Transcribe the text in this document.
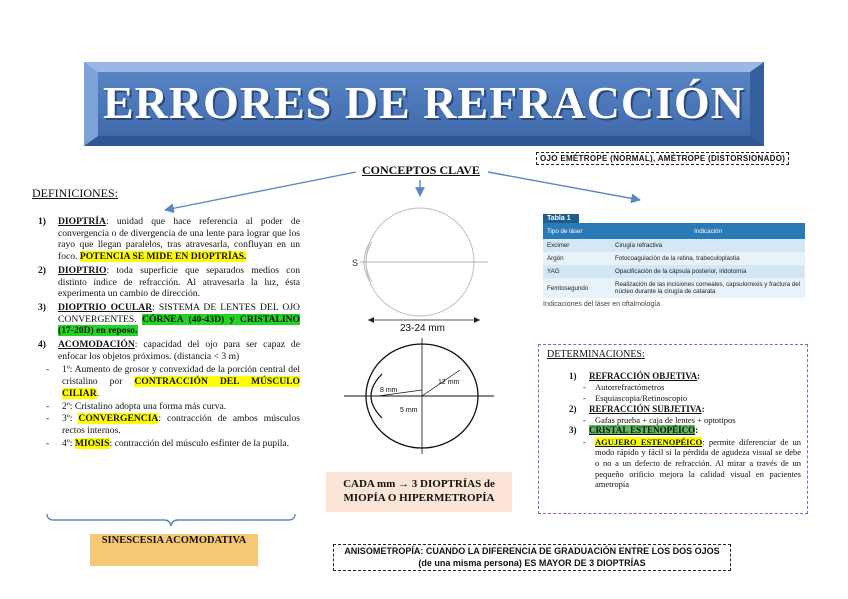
ERRORES DE REFRACCIÓN
CONCEPTOS CLAVE
OJO EMÉTROPE (NORMAL), AMÉTROPE (DISTORSIONADO)
DEFINICIONES:
1)	DIOPTRÍA: unidad que hace referencia al poder de convergencia o de divergencia de una lente para lograr que los rayo que llegan paralelos, tras atravesarla, confluyan en un foco. POTENCIA SE MIDE EN DIOPTRÍAS.
2)	DIOPTRIO: toda superficie que separados medios con distinto índice de refracción. Al atravesarla la luz, ésta experimenta un cambio de dirección.
3)	DIOPTRIO OCULAR: SISTEMA DE LENTES DEL OJO CONVERGENTES. CÓRNEA (40-43D) y CRISTALINO (17-20D) en reposo.
4)	ACOMODACIÓN: capacidad del ojo para ser capaz de enfocar los objetos próximos. (distancia < 3 m)
- 1º: Aumento de grosor y convexidad de la porción central del cristalino por CONTRACCIÓN DEL MÚSCULO CILIAR.
- 2º: Cristalino adopta una forma más curva.
- 3º: CONVERGENCIA: contracción de ambos músculos rectos internos.
- 4º: MIOSIS: contracción del músculo esfínter de la pupila.
SINESCESIA ACOMODATIVA
S
23-24 mm
8 mm
12 mm
5 mm
CADA mm → 3 DIOPTRÍAS de MIOPÍA O HIPERMETROPÍA
ANISOMETROPÍA: CUANDO LA DIFERENCIA DE GRADUACIÓN ENTRE LOS DOS OJOS (de una misma persona) ES MAYOR DE 3 DIOPTRÍAS
Tabla 1
Tipo de láser	Indicación
Excimer	Cirugía refractiva
Argón	Fotocoagulación de la retina, trabeculoplastia
YAG	Opacificación de la cápsula posterior, iridotomía
Femtosegundo	Realización de las incisiones corneales, capsulorrexis y fractura del núcleo durante la cirugía de catarata
Indicaciones del láser en oftalmología
DETERMINACIONES:
1) REFRACCIÓN OBJETIVA:
- Autorrefractómetros
- Esquiascopia/Retinoscopio
2) REFRACCIÓN SUBJETIVA:
- Gafas prueba + caja de lentes + optotipos
3) CRISTAL ESTENOPÉICO:
- AGUJERO ESTENOPÉICO: permite diferenciar de un modo rápido y fácil si la pérdida de agudeza visual se debe o no a un defecto de refracción. Al mirar a través de un pequeño orificio mejora la calidad visual en pacientes ametropía
